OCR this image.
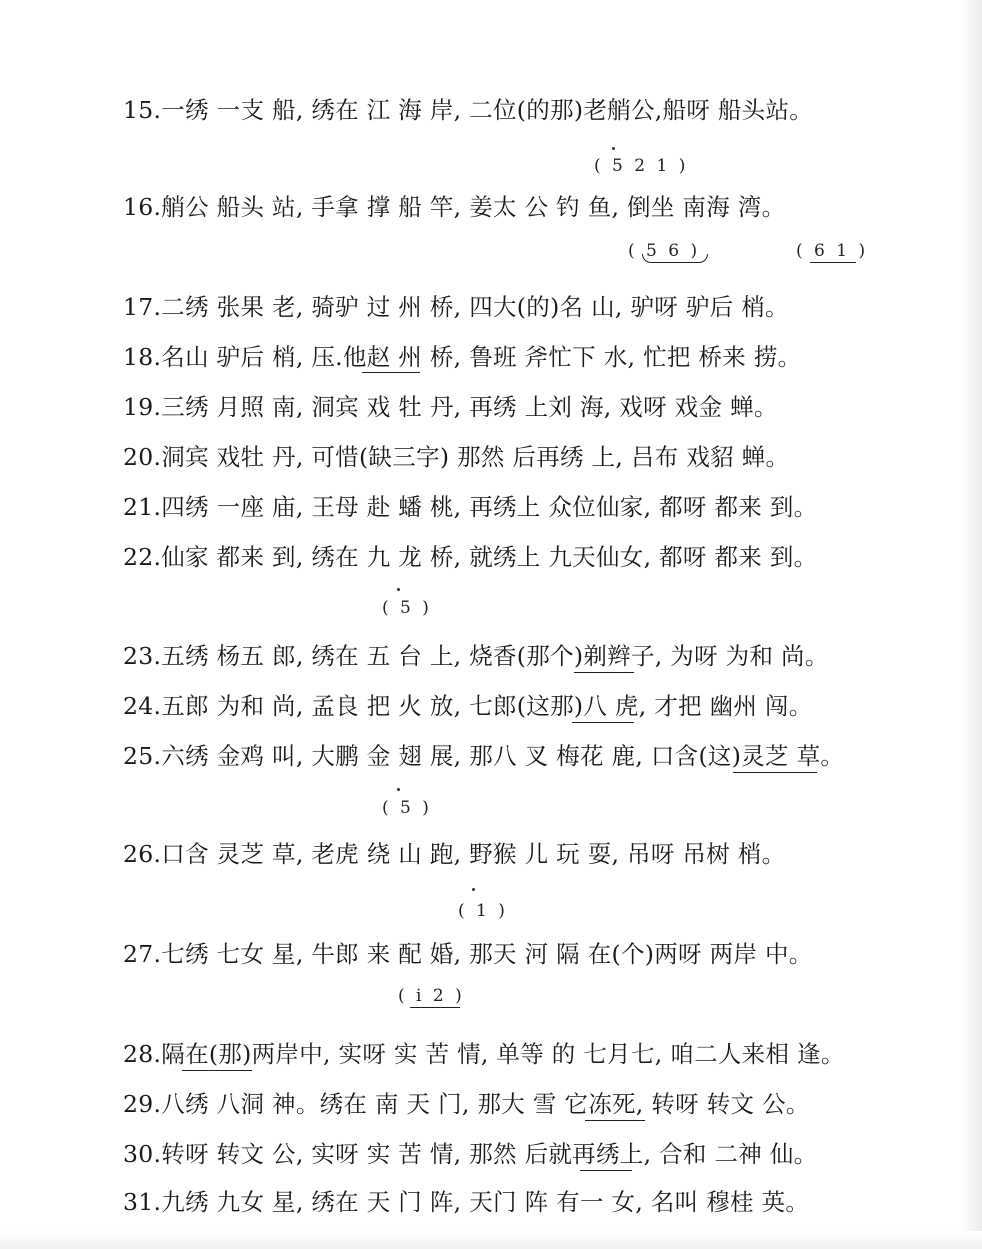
15.一绣 一支 船, 绣在 江 海 岸, 二位(的那)老艄公,船呀 船头站。
( 5 2 1 )
16.艄公 船头 站, 手拿 撑 船 竿, 姜太 公 钓 鱼, 倒坐 南海 湾。
( 5 6 )	( 6 1 )
17.二绣 张果 老, 骑驴 过 州 桥, 四大(的)名 山, 驴呀 驴后 梢。
18.名山 驴后 梢, 压.他赵 州 桥, 鲁班 斧忙下 水, 忙把 桥来 捞。
19.三绣 月照 南, 洞宾 戏 牡 丹, 再绣 上刘 海, 戏呀 戏金 蝉。
20.洞宾 戏牡 丹, 可惜(缺三字) 那然 后再绣 上, 吕布 戏貂 蝉。
21.四绣 一座 庙, 王母 赴 蟠 桃, 再绣上 众位仙家, 都呀 都来 到。
22.仙家 都来 到, 绣在 九 龙 桥, 就绣上 九天仙女, 都呀 都来 到。
( 5 )
23.五绣 杨五 郎, 绣在 五 台 上, 烧香(那个)剃辫子, 为呀 为和 尚。
24.五郎 为和 尚, 孟良 把 火 放, 七郎(这那)八 虎, 才把 幽州 闯。
25.六绣 金鸡 叫, 大鹏 金 翅 展, 那八 叉 梅花 鹿, 口含(这)灵芝 草。
( 5 )
26.口含 灵芝 草, 老虎 绕 山 跑, 野猴 儿 玩 耍, 吊呀 吊树 梢。
( 1 )
27.七绣 七女 星, 牛郎 来 配 婚, 那天 河 隔 在(个)两呀 两岸 中。
( i 2 )
28.隔在(那)两岸中, 实呀 实 苦 情, 单等 的 七月七, 咱二人来相 逢。
29.八绣 八洞 神。绣在 南 天 门, 那大 雪 它冻死, 转呀 转文 公。
30.转呀 转文 公, 实呀 实 苦 情, 那然 后就再绣上, 合和 二神 仙。
31.九绣 九女 星, 绣在 天 门 阵, 天门 阵 有一 女, 名叫 穆桂 英。
